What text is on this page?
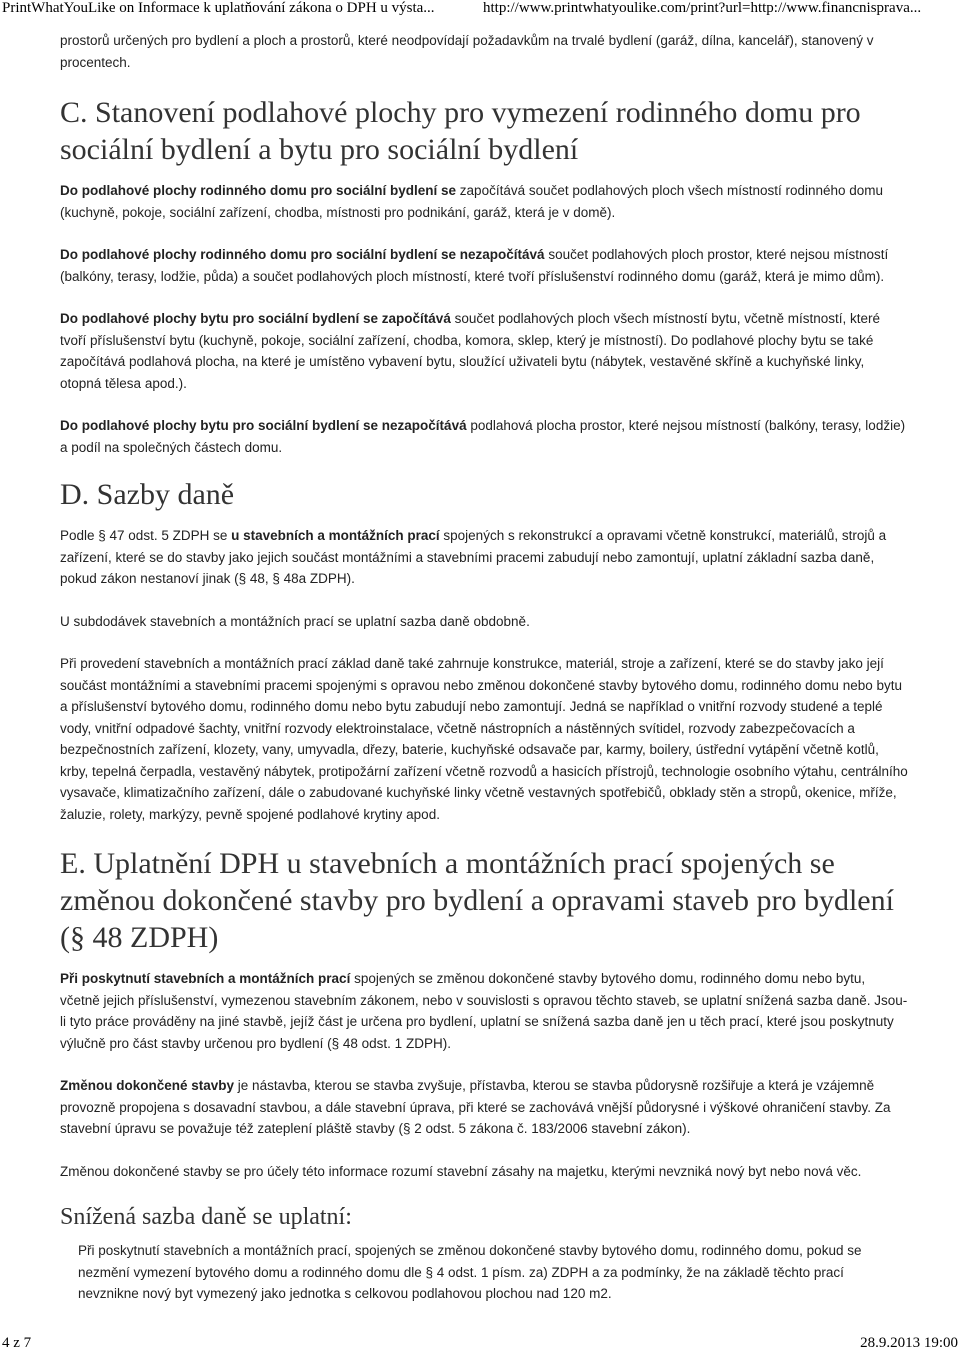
PrintWhatYouLike on Informace k uplatňování zákona o DPH u výsta...	http://www.printwhatyoulike.com/print?url=http://www.financnisprava...

prostorů určených pro bydlení a ploch a prostorů, které neodpovídají požadavkům na trvalé bydlení (garáž, dílna, kancelář), stanovený v procentech.

C. Stanovení podlahové plochy pro vymezení rodinného domu pro sociální bydlení a bytu pro sociální bydlení

Do podlahové plochy rodinného domu pro sociální bydlení se započítává součet podlahových ploch všech místností rodinného domu (kuchyně, pokoje, sociální zařízení, chodba, místnosti pro podnikání, garáž, která je v domě).

Do podlahové plochy rodinného domu pro sociální bydlení se nezapočítává součet podlahových ploch prostor, které nejsou místností (balkóny, terasy, lodžie, půda) a součet podlahových ploch místností, které tvoří příslušenství rodinného domu (garáž, která je mimo dům).

Do podlahové plochy bytu pro sociální bydlení se započítává součet podlahových ploch všech místností bytu, včetně místností, které tvoří příslušenství bytu (kuchyně, pokoje, sociální zařízení, chodba, komora, sklep, který je místností). Do podlahové plochy bytu se také započítává podlahová plocha, na které je umístěno vybavení bytu, sloužící uživateli bytu (nábytek, vestavěné skříně a kuchyňské linky, otopná tělesa apod.).

Do podlahové plochy bytu pro sociální bydlení se nezapočítává podlahová plocha prostor, které nejsou místností (balkóny, terasy, lodžie) a podíl na společných částech domu.

D. Sazby daně

Podle § 47 odst. 5 ZDPH se u stavebních a montážních prací spojených s rekonstrukcí a opravami včetně konstrukcí, materiálů, strojů a zařízení, které se do stavby jako jejich součást montážními a stavebními pracemi zabudují nebo zamontují, uplatní základní sazba daně, pokud zákon nestanoví jinak (§ 48, § 48a ZDPH).

U subdodávek stavebních a montážních prací se uplatní sazba daně obdobně.

Při provedení stavebních a montážních prací základ daně také zahrnuje konstrukce, materiál, stroje a zařízení, které se do stavby jako její součást montážními a stavebními pracemi spojenými s opravou nebo změnou dokončené stavby bytového domu, rodinného domu nebo bytu a příslušenství bytového domu, rodinného domu nebo bytu zabudují nebo zamontují. Jedná se například o vnitřní rozvody studené a teplé vody, vnitřní odpadové šachty, vnitřní rozvody elektroinstalace, včetně nástropních a nástěnných svítidel, rozvody zabezpečovacích a bezpečnostních zařízení, klozety, vany, umyvadla, dřezy, baterie, kuchyňské odsavače par, karmy, boilery, ústřední vytápění včetně kotlů, krby, tepelná čerpadla, vestavěný nábytek, protipožární zařízení včetně rozvodů a hasicích přístrojů, technologie osobního výtahu, centrálního vysavače, klimatizačního zařízení, dále o zabudované kuchyňské linky včetně vestavných spotřebičů, obklady stěn a stropů, okenice, mříže, žaluzie, rolety, markýzy, pevně spojené podlahové krytiny apod.

E. Uplatnění DPH u stavebních a montážních prací spojených se změnou dokončené stavby pro bydlení a opravami staveb pro bydlení (§ 48 ZDPH)

Při poskytnutí stavebních a montážních prací spojených se změnou dokončené stavby bytového domu, rodinného domu nebo bytu, včetně jejich příslušenství, vymezenou stavebním zákonem, nebo v souvislosti s opravou těchto staveb, se uplatní snížená sazba daně. Jsou-li tyto práce prováděny na jiné stavbě, jejíž část je určena pro bydlení, uplatní se snížená sazba daně jen u těch prací, které jsou poskytnuty výlučně pro část stavby určenou pro bydlení (§ 48 odst. 1 ZDPH).

Změnou dokončené stavby je nástavba, kterou se stavba zvyšuje, přístavba, kterou se stavba půdorysně rozšiřuje a která je vzájemně provozně propojena s dosavadní stavbou, a dále stavební úprava, při které se zachovává vnější půdorysné i výškové ohraničení stavby. Za stavební úpravu se považuje též zateplení pláště stavby (§ 2 odst. 5 zákona č. 183/2006 stavební zákon).

Změnou dokončené stavby se pro účely této informace rozumí stavební zásahy na majetku, kterými nevzniká nový byt nebo nová věc.

Snížená sazba daně se uplatní:

Při poskytnutí stavebních a montážních prací, spojených se změnou dokončené stavby bytového domu, rodinného domu, pokud se nezmění vymezení bytového domu a rodinného domu dle § 4 odst. 1 písm. za) ZDPH a za podmínky, že na základě těchto prací nevznikne nový byt vymezený jako jednotka s celkovou podlahovou plochou nad 120 m2.

4 z 7	28.9.2013 19:00
